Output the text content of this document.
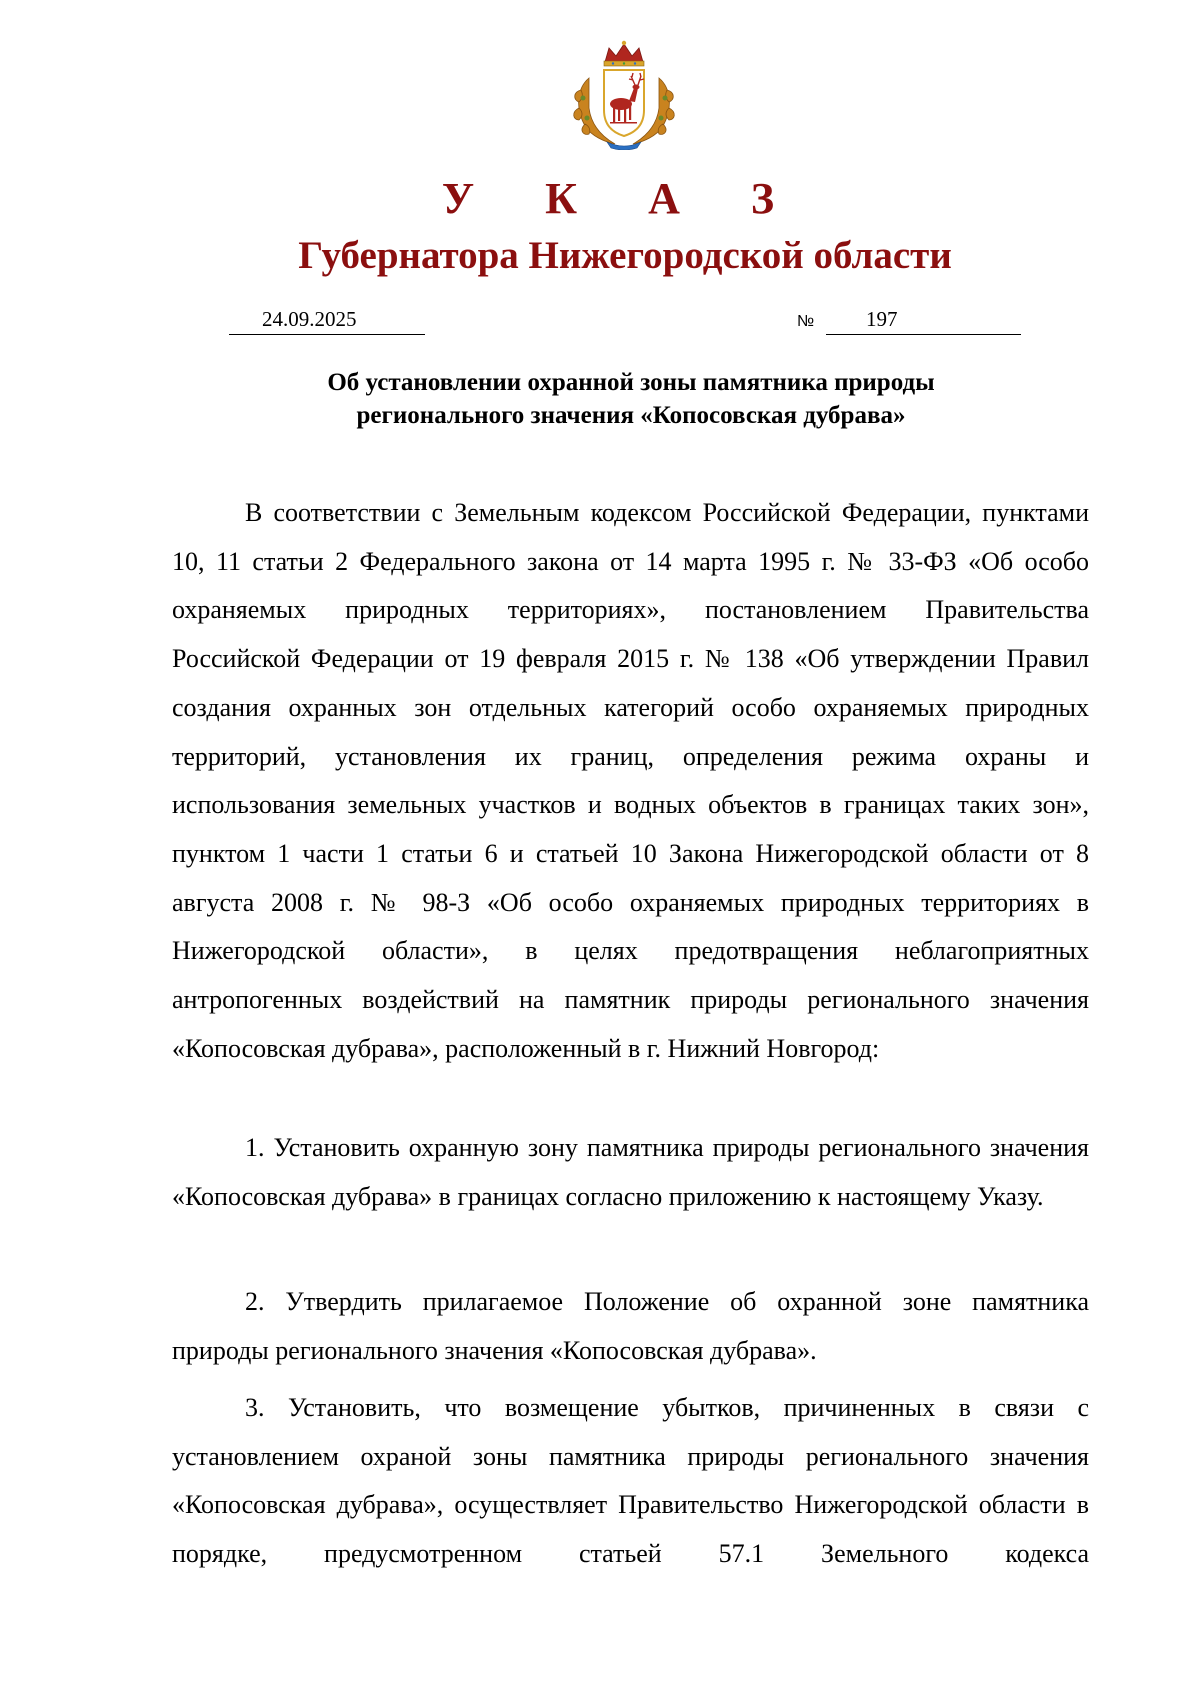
У К А З
Губернатора Нижегородской области
24.09.2025	№ 197
Об установлении охранной зоны памятника природы
регионального значения «Копосовская дубрава»

В соответствии с Земельным кодексом Российской Федерации, пунктами 10, 11 статьи 2 Федерального закона от 14 марта 1995 г. № 33-ФЗ «Об особо охраняемых природных территориях», постановлением Правительства Российской Федерации от 19 февраля 2015 г. № 138 «Об утверждении Правил создания охранных зон отдельных категорий особо охраняемых природных территорий, установления их границ, определения режима охраны и использования земельных участков и водных объектов в границах таких зон», пунктом 1 части 1 статьи 6 и статьей 10 Закона Нижегородской области от 8 августа 2008 г. № 98-З «Об особо охраняемых природных территориях в Нижегородской области», в целях предотвращения неблагоприятных антропогенных воздействий на памятник природы регионального значения «Копосовская дубрава», расположенный в г. Нижний Новгород:

1. Установить охранную зону памятника природы регионального значения «Копосовская дубрава» в границах согласно приложению к настоящему Указу.

2. Утвердить прилагаемое Положение об охранной зоне памятника природы регионального значения «Копосовская дубрава».

3. Установить, что возмещение убытков, причиненных в связи с установлением охраной зоны памятника природы регионального значения «Копосовская дубрава», осуществляет Правительство Нижегородской области в порядке, предусмотренном статьей 57.1 Земельного кодекса
